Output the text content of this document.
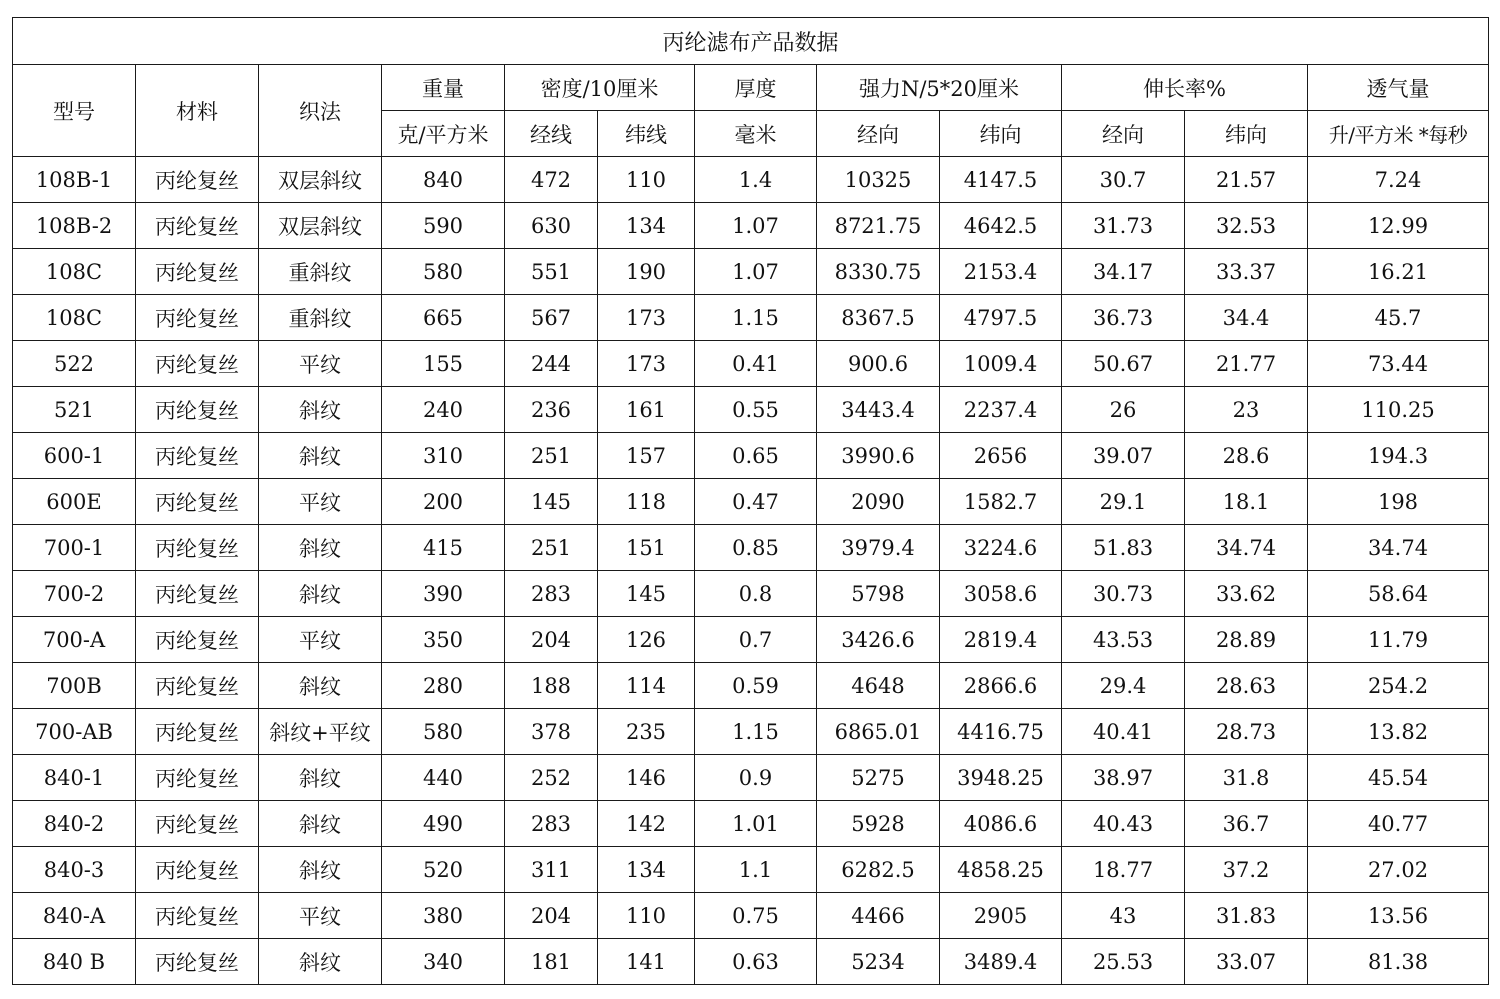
丙纶滤布产品数据											
型号	材料	织法	重量	密度/10厘米		厚度	强力N/5*20厘米		伸长率%		透气量
			克/平方米	经线	纬线	毫米	经向	纬向	经向	纬向	升/平方米 *每秒
108B-1	丙纶复丝	双层斜纹	840	472	110	1.4	10325	4147.5	30.7	21.57	7.24
108B-2	丙纶复丝	双层斜纹	590	630	134	1.07	8721.75	4642.5	31.73	32.53	12.99
108C	丙纶复丝	重斜纹	580	551	190	1.07	8330.75	2153.4	34.17	33.37	16.21
108C	丙纶复丝	重斜纹	665	567	173	1.15	8367.5	4797.5	36.73	34.4	45.7
522	丙纶复丝	平纹	155	244	173	0.41	900.6	1009.4	50.67	21.77	73.44
521	丙纶复丝	斜纹	240	236	161	0.55	3443.4	2237.4	26	23	110.25
600-1	丙纶复丝	斜纹	310	251	157	0.65	3990.6	2656	39.07	28.6	194.3
600E	丙纶复丝	平纹	200	145	118	0.47	2090	1582.7	29.1	18.1	198
700-1	丙纶复丝	斜纹	415	251	151	0.85	3979.4	3224.6	51.83	34.74	34.74
700-2	丙纶复丝	斜纹	390	283	145	0.8	5798	3058.6	30.73	33.62	58.64
700-A	丙纶复丝	平纹	350	204	126	0.7	3426.6	2819.4	43.53	28.89	11.79
700B	丙纶复丝	斜纹	280	188	114	0.59	4648	2866.6	29.4	28.63	254.2
700-AB	丙纶复丝	斜纹+平纹	580	378	235	1.15	6865.01	4416.75	40.41	28.73	13.82
840-1	丙纶复丝	斜纹	440	252	146	0.9	5275	3948.25	38.97	31.8	45.54
840-2	丙纶复丝	斜纹	490	283	142	1.01	5928	4086.6	40.43	36.7	40.77
840-3	丙纶复丝	斜纹	520	311	134	1.1	6282.5	4858.25	18.77	37.2	27.02
840-A	丙纶复丝	平纹	380	204	110	0.75	4466	2905	43	31.83	13.56
840 B	丙纶复丝	斜纹	340	181	141	0.63	5234	3489.4	25.53	33.07	81.38
